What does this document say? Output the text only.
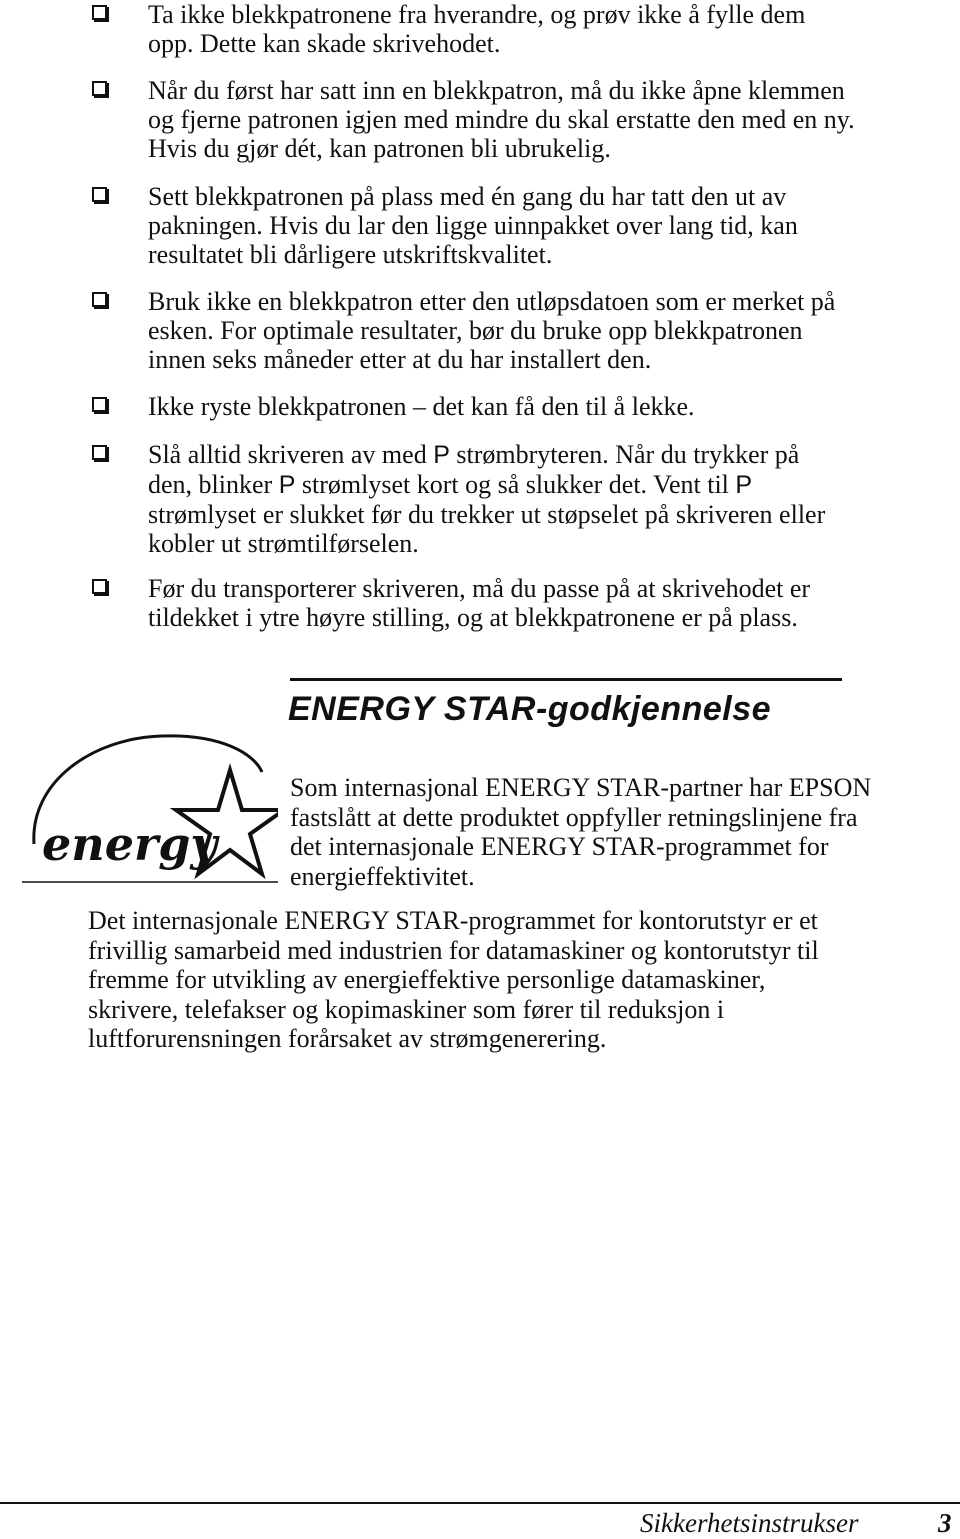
Ta ikke blekkpatronene fra hverandre, og prøv ikke å fylle dem
opp. Dette kan skade skrivehodet.
Når du først har satt inn en blekkpatron, må du ikke åpne klemmen
og fjerne patronen igjen med mindre du skal erstatte den med en ny.
Hvis du gjør dét, kan patronen bli ubrukelig.
Sett blekkpatronen på plass med én gang du har tatt den ut av
pakningen. Hvis du lar den ligge uinnpakket over lang tid, kan
resultatet bli dårligere utskriftskvalitet.
Bruk ikke en blekkpatron etter den utløpsdatoen som er merket på
esken. For optimale resultater, bør du bruke opp blekkpatronen
innen seks måneder etter at du har installert den.
Ikke ryste blekkpatronen – det kan få den til å lekke.
Slå alltid skriveren av med P strømbryteren. Når du trykker på
den, blinker P strømlyset kort og så slukker det. Vent til P
strømlyset er slukket før du trekker ut støpselet på skriveren eller
kobler ut strømtilførselen.
Før du transporterer skriveren, må du passe på at skrivehodet er
tildekket i ytre høyre stilling, og at blekkpatronene er på plass.
ENERGY STAR-godkjennelse
energy
Som internasjonal ENERGY STAR-partner har EPSON
fastslått at dette produktet oppfyller retningslinjene fra
det internasjonale ENERGY STAR-programmet for
energieffektivitet.
Det internasjonale ENERGY STAR-programmet for kontorutstyr er et
frivillig samarbeid med industrien for datamaskiner og kontorutstyr til
fremme for utvikling av energieffektive personlige datamaskiner,
skrivere, telefakser og kopimaskiner som fører til reduksjon i
luftforurensningen forårsaket av strømgenerering.
Sikkerhetsinstrukser	3
